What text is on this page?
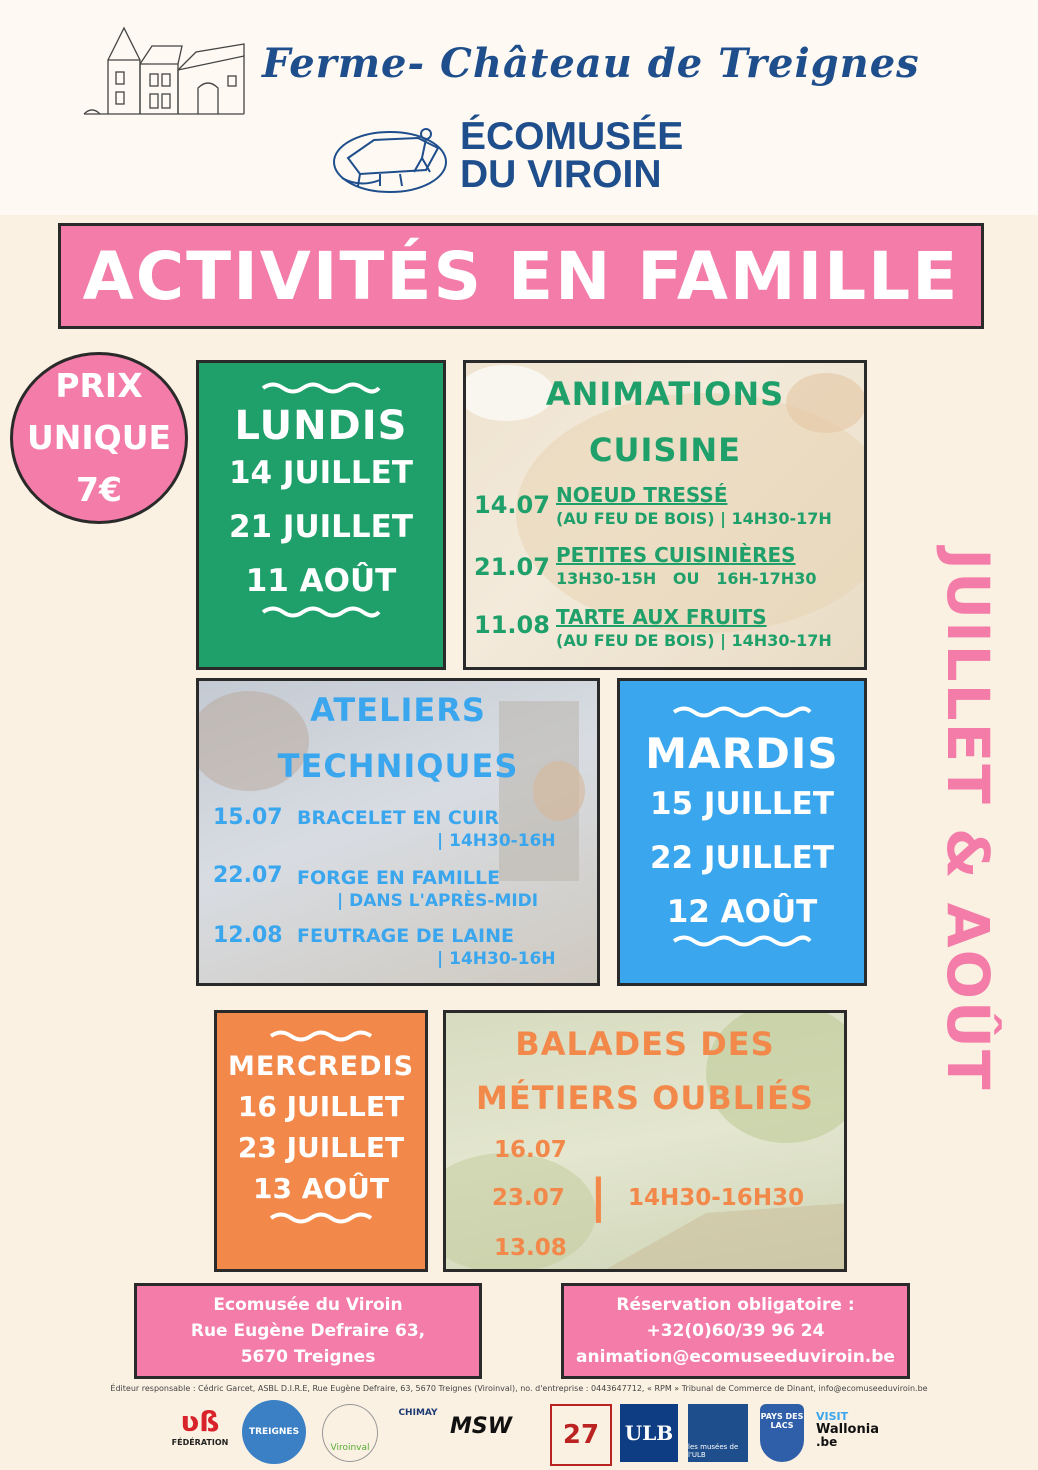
Ferme- Château de Treignes
ÉCOMUSÉE
DU VIROIN
ACTIVITÉS EN FAMILLE
PRIX
UNIQUE
7€
JUILLET & AOÛT
LUNDIS
14 JUILLET
21 JUILLET
11 AOÛT
ANIMATIONS
CUISINE
14.07 NOEUD TRESSÉ
(AU FEU DE BOIS) | 14H30-17H
21.07 PETITES CUISINIÈRES
13H30-15H   OU   16H-17H30
11.08 TARTE AUX FRUITS
(AU FEU DE BOIS) | 14H30-17H
ATELIERS
TECHNIQUES
15.07 BRACELET EN CUIR
| 14H30-16H
22.07 FORGE EN FAMILLE
| DANS L'APRÈS-MIDI
12.08 FEUTRAGE DE LAINE
| 14H30-16H
MARDIS
15 JUILLET
22 JUILLET
12 AOÛT
MERCREDIS
16 JUILLET
23 JUILLET
13 AOÛT
BALADES DES
MÉTIERS OUBLIÉS
16.07
23.07
13.08
| 14H30-16H30
Ecomusée du Viroin
Rue Eugène Defraire 63,
5670 Treignes
Réservation obligatoire :
+32(0)60/39 96 24
animation@ecomuseeduviroin.be
Éditeur responsable : Cédric Garcet, ASBL D.I.R.E, Rue Eugène Defraire, 63, 5670 Treignes (Viroinval), no. d'entreprise : 0443647712, « RPM » Tribunal de Commerce de Dinant, info@ecomuseeduviroin.be
ʋß
FÉDÉRATION
TREIGNES
Viroinval
CHIMAY
MSW	27	ULB
les musées de l'ULB
PAYS DES LACS
VISIT
Wallonia
.be
